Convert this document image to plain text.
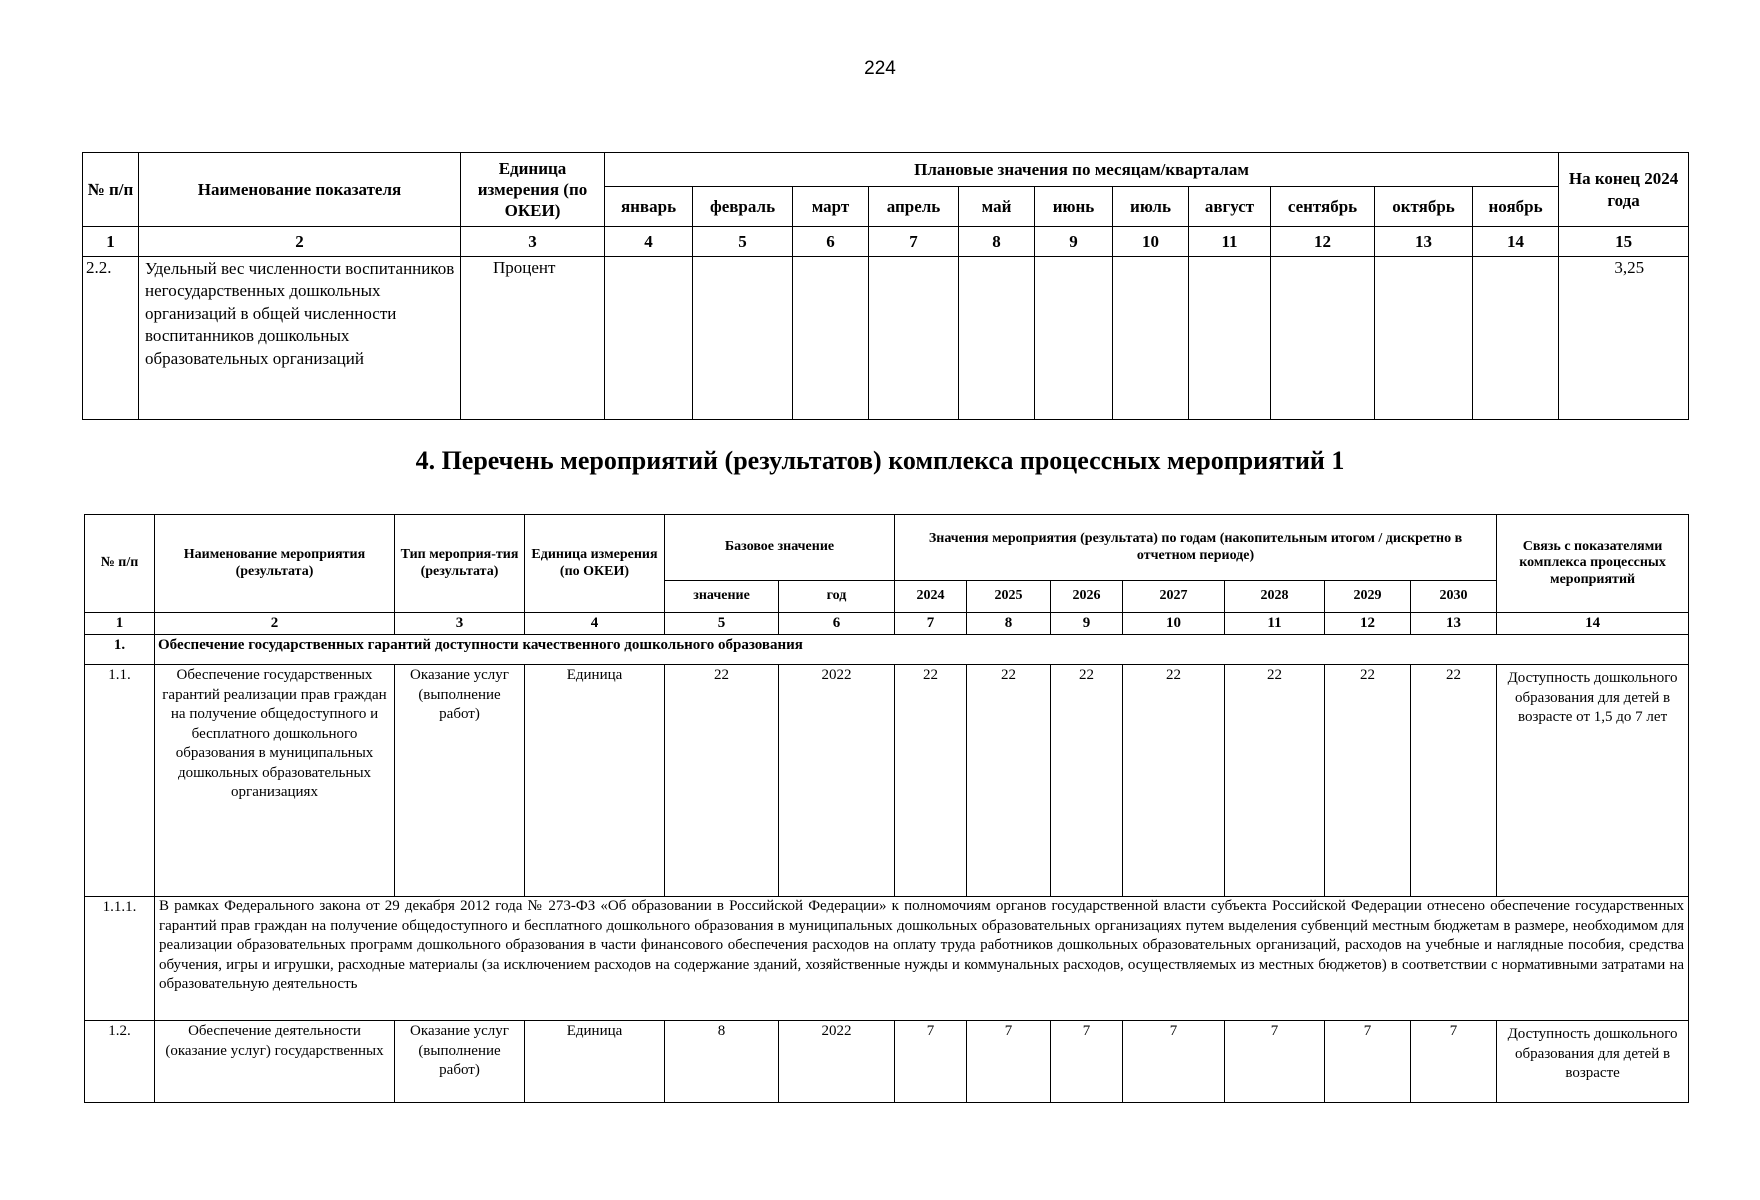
224
№ п/п	Наименование показателя	Единица измерения (по ОКЕИ)	Плановые значения по месяцам/кварталам											На конец 2024 года
			январь	февраль	март	апрель	май	июнь	июль	август	сентябрь	октябрь	ноябрь	
1	2	3	4	5	6	7	8	9	10	11	12	13	14	15
2.2.	Удельный вес численности воспитанников негосударственных дошкольных организаций в общей численности воспитанников дошкольных образовательных организаций	Процент												3,25
4. Перечень мероприятий (результатов) комплекса процессных мероприятий 1
№ п/п	Наименование мероприятия (результата)	Тип мероприя-тия (результата)	Единица измерения (по ОКЕИ)	Базовое значение		Значения мероприятия (результата) по годам (накопительным итогом / дискретно в отчетном периоде)							Связь с показателями комплекса процессных мероприятий
				значение	год	2024	2025	2026	2027	2028	2029	2030	
1	2	3	4	5	6	7	8	9	10	11	12	13	14
1.	Обеспечение государственных гарантий доступности качественного дошкольного образования												
1.1.	Обеспечение государственных гарантий реализации прав граждан на получение общедоступного и бесплатного дошкольного образования в муниципальных дошкольных образовательных организациях	Оказание услуг (выполнение работ)	Единица	22	2022	22	22	22	22	22	22	22	Доступность дошкольного образования для детей в возрасте от 1,5 до 7 лет
1.1.1.	В рамках Федерального закона от 29 декабря 2012 года № 273-ФЗ «Об образовании в Российской Федерации» к полномочиям органов государственной власти субъекта Российской Федерации отнесено обеспечение государственных гарантий прав граждан на получение общедоступного и бесплатного дошкольного образования в муниципальных дошкольных образовательных организациях путем выделения субвенций местным бюджетам в размере, необходимом для реализации образовательных программ дошкольного образования в части финансового обеспечения расходов на оплату труда работников дошкольных образовательных организаций, расходов на учебные и наглядные пособия, средства обучения, игры и игрушки, расходные материалы (за исключением расходов на содержание зданий, хозяйственные нужды и коммунальных расходов, осуществляемых из местных бюджетов) в соответствии с нормативными затратами на образовательную деятельность												
1.2.	Обеспечение деятельности (оказание услуг) государственных	Оказание услуг (выполнение работ)	Единица	8	2022	7	7	7	7	7	7	7	Доступность дошкольного образования для детей в возрасте
